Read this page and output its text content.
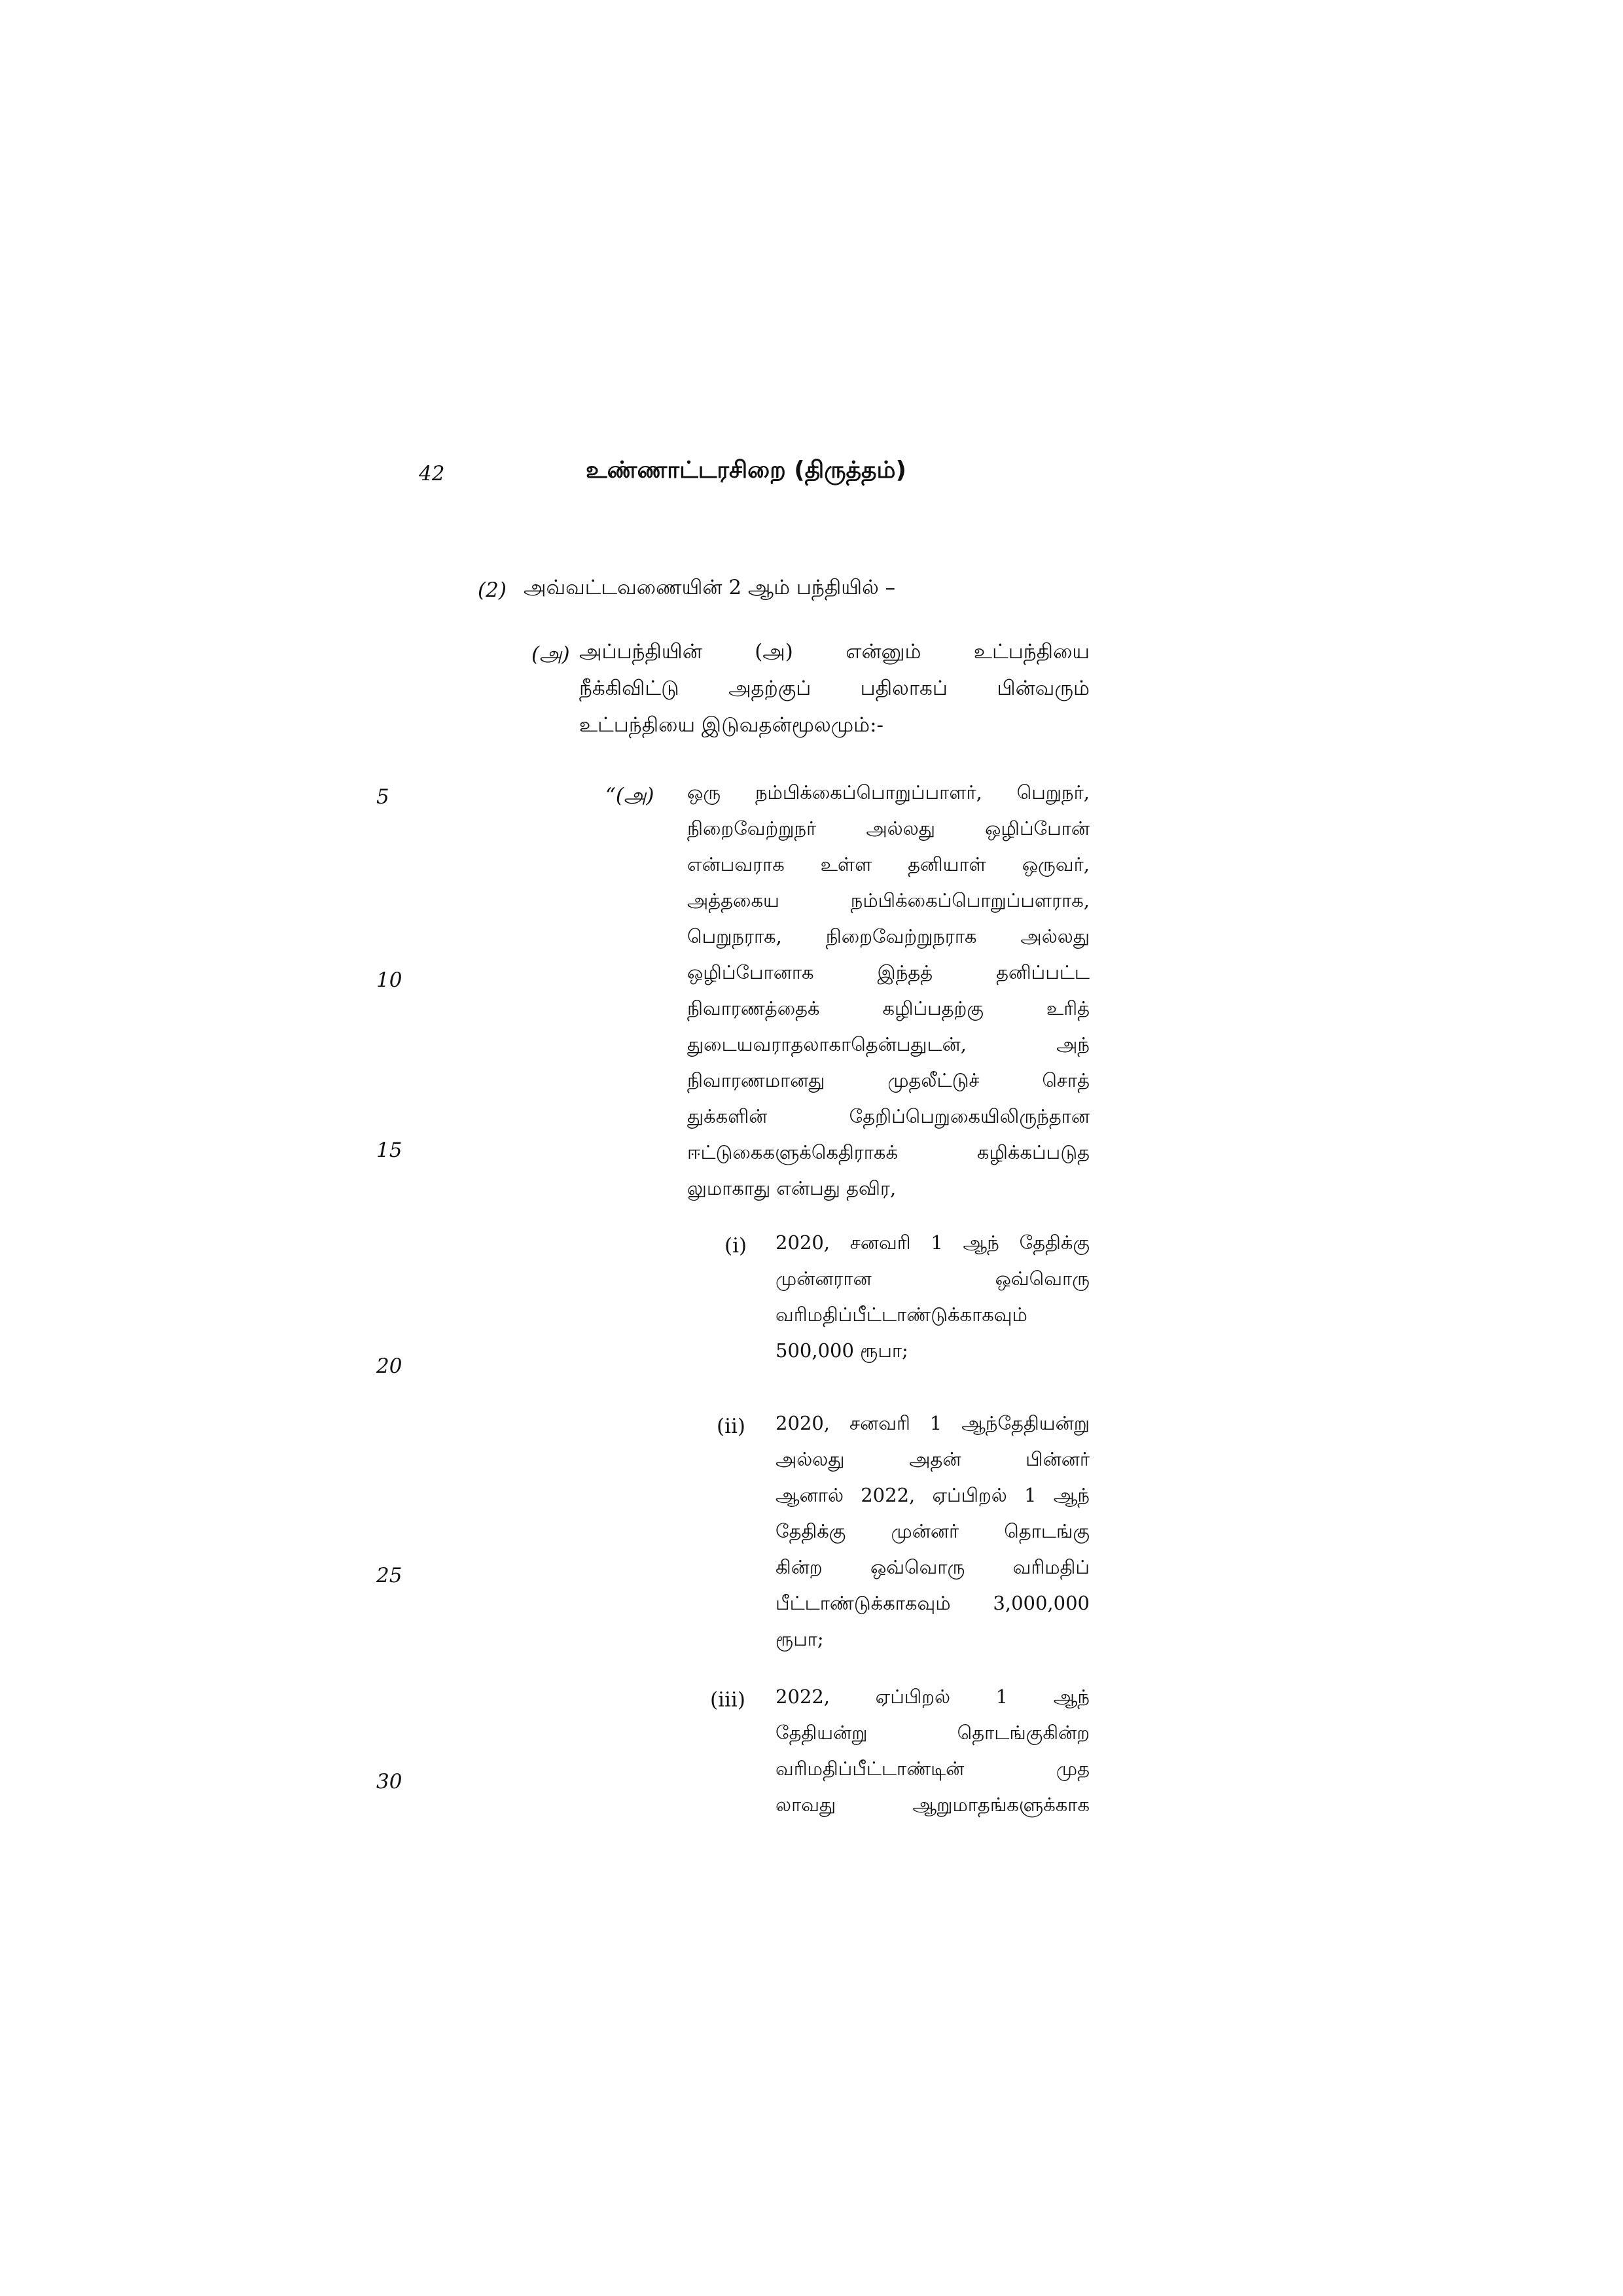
42	உண்ணாட்டரசிறை (திருத்தம்)
5
10
15
20
25
30
(2) அவ்வட்டவணையின் 2 ஆம் பந்தியில் –
(அ) அப்பந்தியின் (அ) என்னும் உட்பந்தியை
நீக்கிவிட்டு அதற்குப் பதிலாகப் பின்வரும்
உட்பந்தியை இடுவதன்மூலமும்:-
“(அ) ஒரு நம்பிக்கைப்பொறுப்பாளர், பெறுநர்,
நிறைவேற்றுநர் அல்லது ஒழிப்போன்
என்பவராக உள்ள தனியாள் ஒருவர்,
அத்தகைய நம்பிக்கைப்பொறுப்பளராக,
பெறுநராக, நிறைவேற்றுநராக அல்லது
ஒழிப்போனாக இந்தத் தனிப்பட்ட
நிவாரணத்தைக் கழிப்பதற்கு உரித்
துடையவராதலாகாதென்பதுடன், அந்
நிவாரணமானது முதலீட்டுச் சொத்
துக்களின் தேறிப்பெறுகையிலிருந்தான
ஈட்டுகைகளுக்கெதிராகக் கழிக்கப்படுத
லுமாகாது என்பது தவிர,
(i) 2020, சனவரி 1 ஆந் தேதிக்கு
முன்னரான ஒவ்வொரு
வரிமதிப்பீட்டாண்டுக்காகவும்
500,000 ரூபா;
(ii) 2020, சனவரி 1 ஆந்தேதியன்று
அல்லது அதன் பின்னர்
ஆனால் 2022, ஏப்பிறல் 1 ஆந்
தேதிக்கு முன்னர் தொடங்கு
கின்ற ஒவ்வொரு வரிமதிப்
பீட்டாண்டுக்காகவும் 3,000,000
ரூபா;
(iii) 2022, ஏப்பிறல் 1 ஆந்
தேதியன்று தொடங்குகின்ற
வரிமதிப்பீட்டாண்டின் முத
லாவது ஆறுமாதங்களுக்காக
